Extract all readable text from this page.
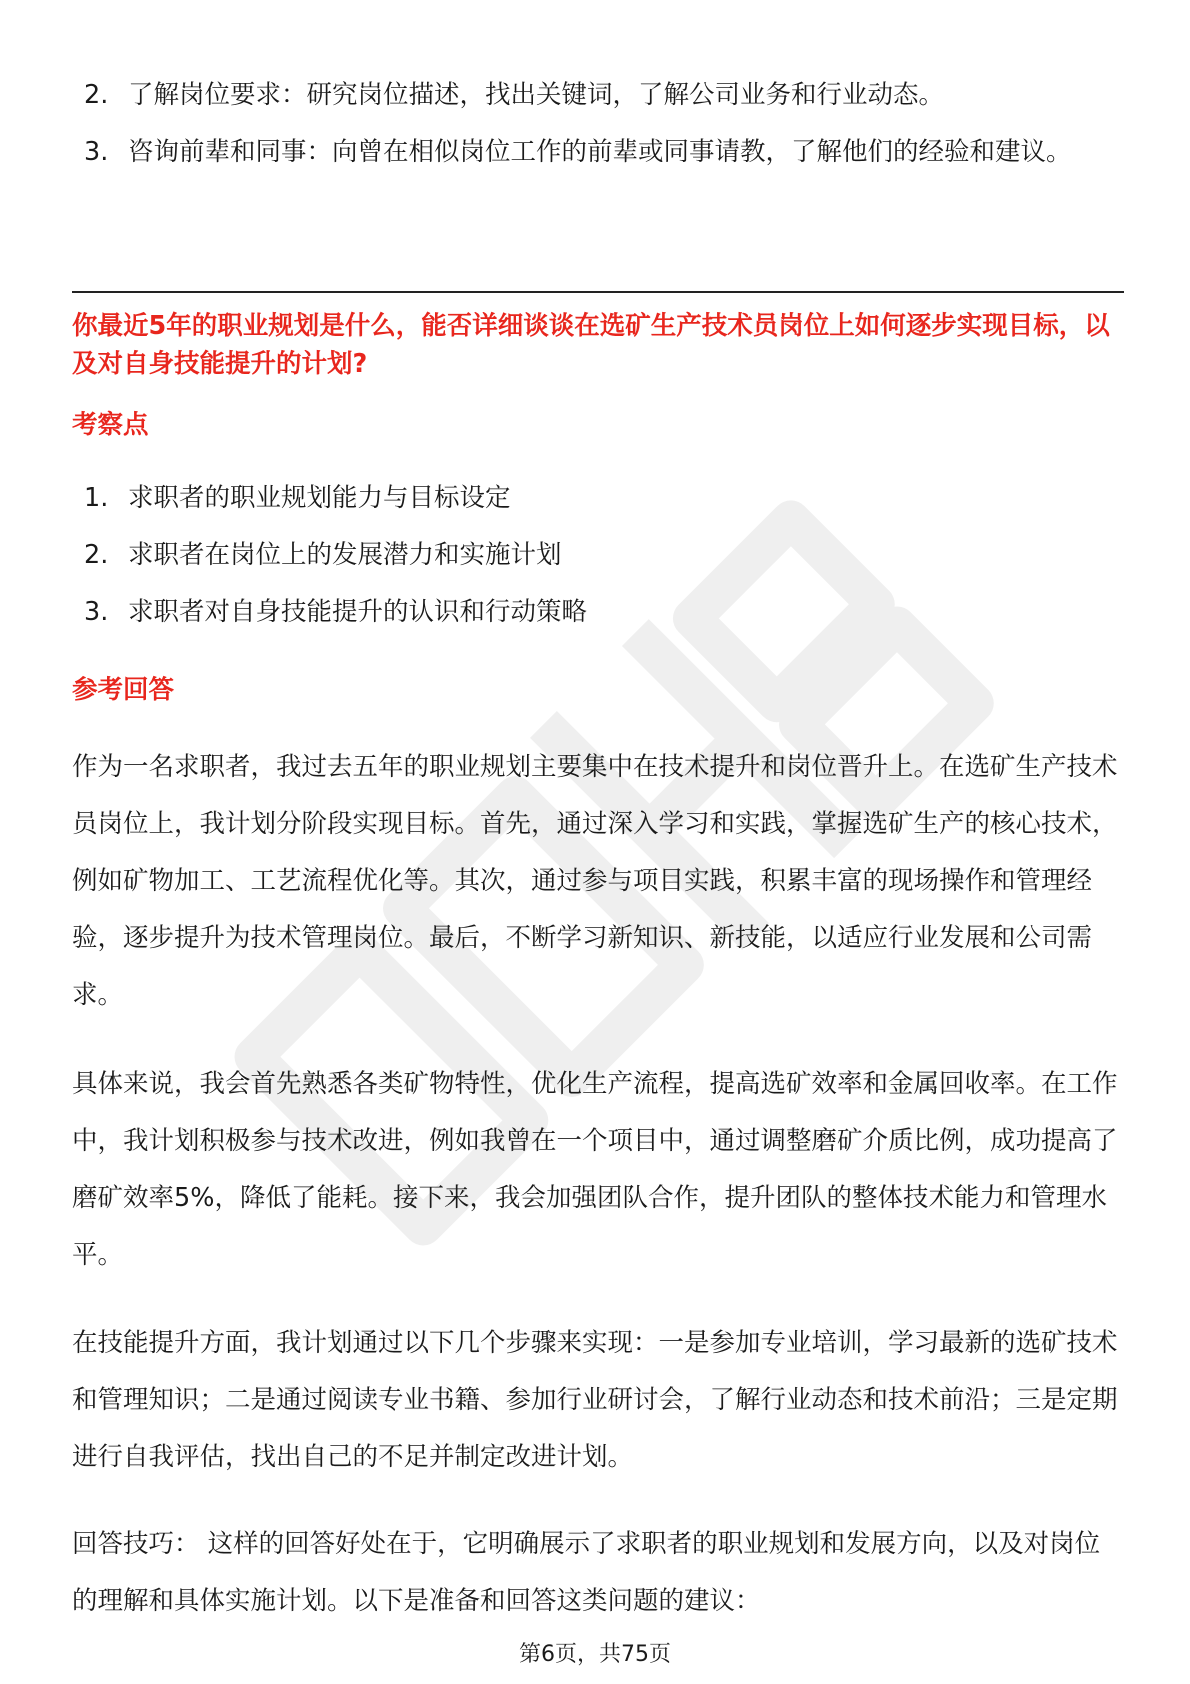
2. 了解岗位要求：研究岗位描述，找出关键词，了解公司业务和行业动态。
3. 咨询前辈和同事：向曾在相似岗位工作的前辈或同事请教，了解他们的经验和建议。
你最近5年的职业规划是什么，能否详细谈谈在选矿生产技术员岗位上如何逐步实现目标，以及对自身技能提升的计划?
考察点
1. 求职者的职业规划能力与目标设定
2. 求职者在岗位上的发展潜力和实施计划
3. 求职者对自身技能提升的认识和行动策略
参考回答

作为一名求职者，我过去五年的职业规划主要集中在技术提升和岗位晋升上。在选矿生产技术员岗位上，我计划分阶段实现目标。首先，通过深入学习和实践，掌握选矿生产的核心技术，例如矿物加工、工艺流程优化等。其次，通过参与项目实践，积累丰富的现场操作和管理经验，逐步提升为技术管理岗位。最后，不断学习新知识、新技能，以适应行业发展和公司需求。

具体来说，我会首先熟悉各类矿物特性，优化生产流程，提高选矿效率和金属回收率。在工作中，我计划积极参与技术改进，例如我曾在一个项目中，通过调整磨矿介质比例，成功提高了磨矿效率5%，降低了能耗。接下来，我会加强团队合作，提升团队的整体技术能力和管理水平。

在技能提升方面，我计划通过以下几个步骤来实现：一是参加专业培训，学习最新的选矿技术和管理知识；二是通过阅读专业书籍、参加行业研讨会，了解行业动态和技术前沿；三是定期进行自我评估，找出自己的不足并制定改进计划。

回答技巧： 这样的回答好处在于，它明确展示了求职者的职业规划和发展方向，以及对岗位的理解和具体实施计划。以下是准备和回答这类问题的建议：

第6页，共75页
